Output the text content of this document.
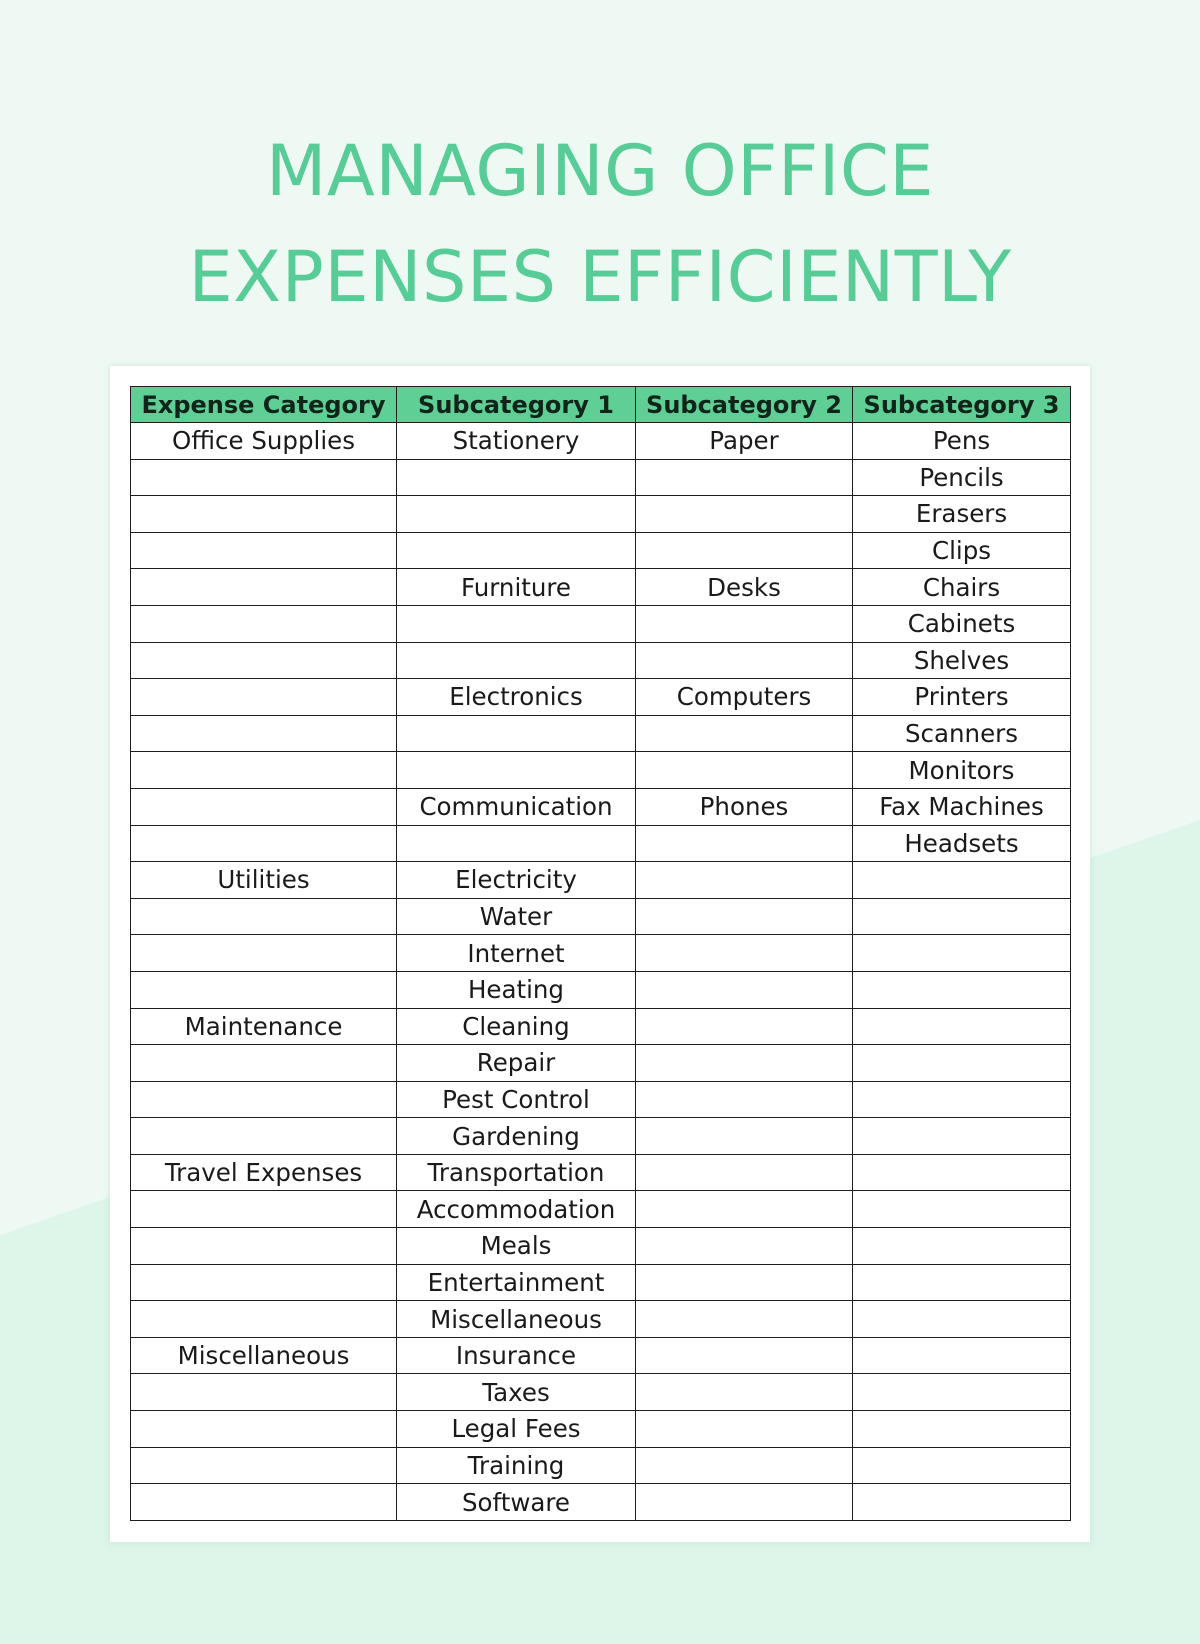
MANAGING OFFICE
EXPENSES EFFICIENTLY
Expense Category	Subcategory 1	Subcategory 2	Subcategory 3
Office Supplies	Stationery	Paper	Pens
			Pencils
			Erasers
			Clips
	Furniture	Desks	Chairs
			Cabinets
			Shelves
	Electronics	Computers	Printers
			Scanners
			Monitors
	Communication	Phones	Fax Machines
			Headsets
Utilities	Electricity		
	Water		
	Internet		
	Heating		
Maintenance	Cleaning		
	Repair		
	Pest Control		
	Gardening		
Travel Expenses	Transportation		
	Accommodation		
	Meals		
	Entertainment		
	Miscellaneous		
Miscellaneous	Insurance		
	Taxes		
	Legal Fees		
	Training		
	Software		
